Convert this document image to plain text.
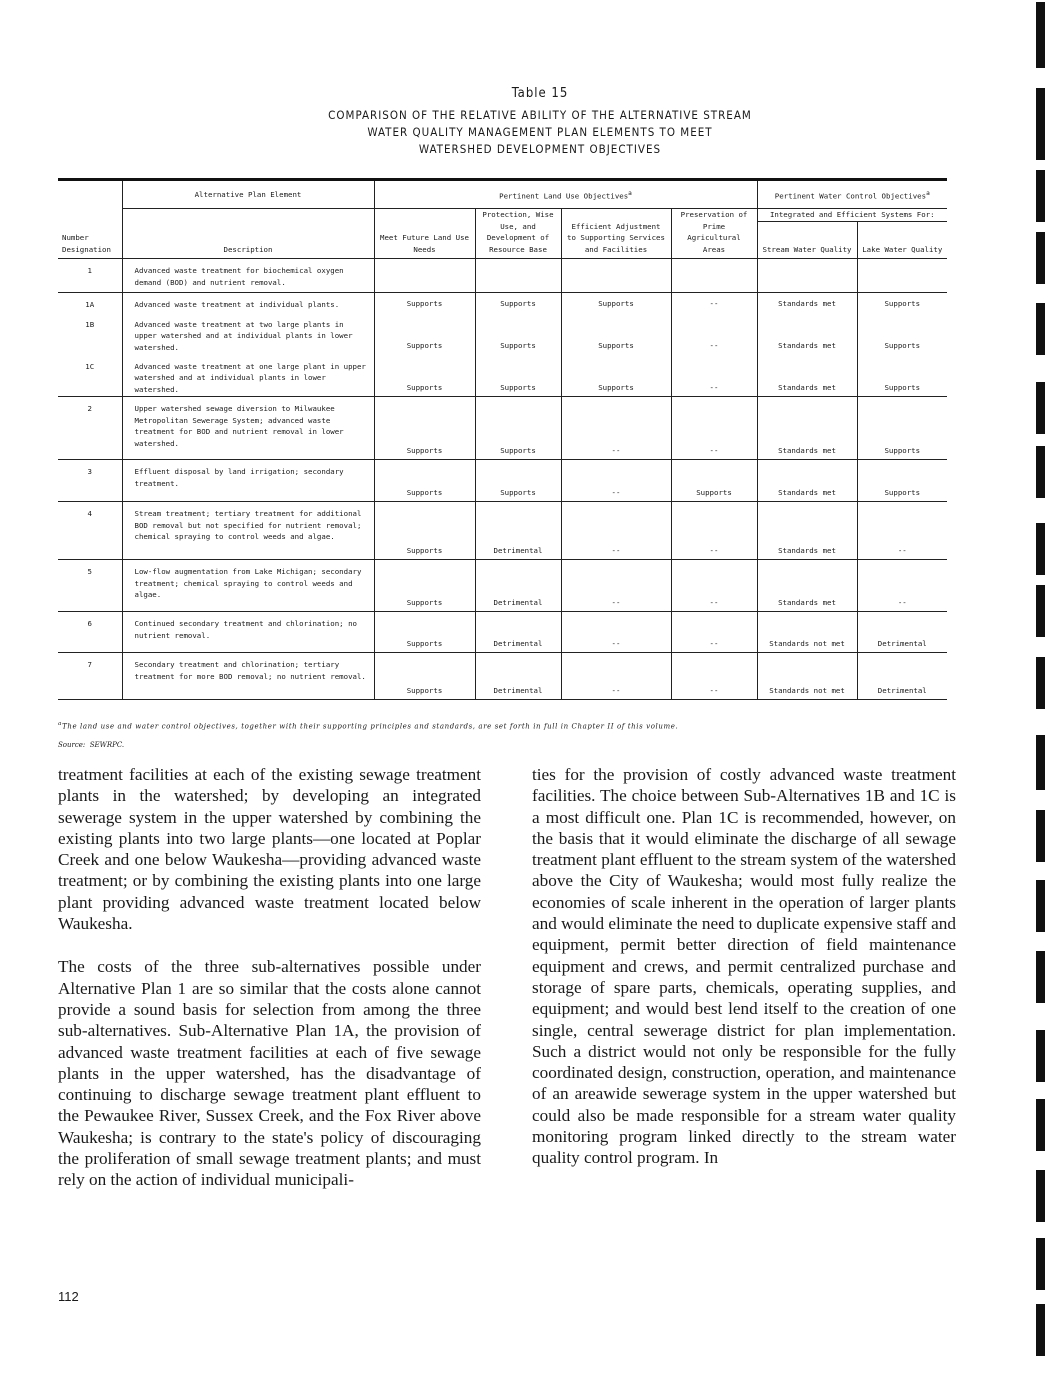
Table 15
COMPARISON OF THE RELATIVE ABILITY OF THE ALTERNATIVE STREAM
WATER QUALITY MANAGEMENT PLAN ELEMENTS TO MEET
WATERSHED DEVELOPMENT OBJECTIVES
Number Designation	Alternative Plan Element	Pertinent Land Use Objectives$^a$				Pertinent Water Control Objectives$^a$
	Description	Meet Future Land Use Needs	Protection, Wise Use, and Development of Resource Base	Efficient Adjustment to Supporting Services and Facilities	Preservation of Prime Agricultural Areas	Integrated and Efficient Systems For:	
						Stream Water Quality	Lake Water Quality
1	Advanced waste treatment for biochemical oxygen demand (BOD) and nutrient removal.						
1A	Advanced waste treatment at individual plants.	Supports	Supports	Supports	--	Standards met	Supports
1B	Advanced waste treatment at two large plants in upper watershed and at individual plants in lower watershed.	Supports	Supports	Supports	--	Standards met	Supports
1C	Advanced waste treatment at one large plant in upper watershed and at individual plants in lower watershed.	Supports	Supports	Supports	--	Standards met	Supports
2	Upper watershed sewage diversion to Milwaukee Metropolitan Sewerage System; advanced waste treatment for BOD and nutrient removal in lower watershed.	Supports	Supports	--	--	Standards met	Supports
3	Effluent disposal by land irrigation; secondary treatment.	Supports	Supports	--	Supports	Standards met	Supports
4	Stream treatment; tertiary treatment for additional BOD removal but not specified for nutrient removal; chemical spraying to control weeds and algae.	Supports	Detrimental	--	--	Standards met	--
5	Low-flow augmentation from Lake Michigan; secondary treatment; chemical spraying to control weeds and algae.	Supports	Detrimental	--	--	Standards met	--
6	Continued secondary treatment and chlorination; no nutrient removal.	Supports	Detrimental	--	--	Standards not met	Detrimental
7	Secondary treatment and chlorination; tertiary treatment for more BOD removal; no nutrient removal.	Supports	Detrimental	--	--	Standards not met	Detrimental
$^a$The land use and water control objectives, together with their supporting principles and standards, are set forth in full in Chapter II of this volume.
Source: SEWRPC.

treatment facilities at each of the existing sewage treatment plants in the watershed; by developing an integrated sewerage system in the upper watershed by combining the existing plants into two large plants—one located at Poplar Creek and one below Waukesha—providing advanced waste treatment; or by combining the existing plants into one large plant providing advanced waste treatment located below Waukesha.

The costs of the three sub-alternatives possible under Alternative Plan 1 are so similar that the costs alone cannot provide a sound basis for selection from among the three sub-alternatives. Sub-Alternative Plan 1A, the provision of advanced waste treatment facilities at each of five sewage plants in the upper watershed, has the disadvantage of continuing to discharge sewage treatment plant effluent to the Pewaukee River, Sussex Creek, and the Fox River above Waukesha; is contrary to the state's policy of discouraging the proliferation of small sewage treatment plants; and must rely on the action of individual municipali-

ties for the provision of costly advanced waste treatment facilities. The choice between Sub-Alternatives 1B and 1C is a most difficult one. Plan 1C is recommended, however, on the basis that it would eliminate the discharge of all sewage treatment plant effluent to the stream system of the watershed above the City of Waukesha; would most fully realize the economies of scale inherent in the operation of larger plants and would eliminate the need to duplicate expensive staff and equipment, permit better direction of field maintenance equipment and crews, and permit centralized purchase and storage of spare parts, chemicals, operating supplies, and equipment; and would best lend itself to the creation of one single, central sewerage district for plan implementation. Such a district would not only be responsible for the fully coordinated design, construction, operation, and maintenance of an areawide sewerage system in the upper watershed but could also be made responsible for a stream water quality monitoring program linked directly to the stream water quality control program. In

112
